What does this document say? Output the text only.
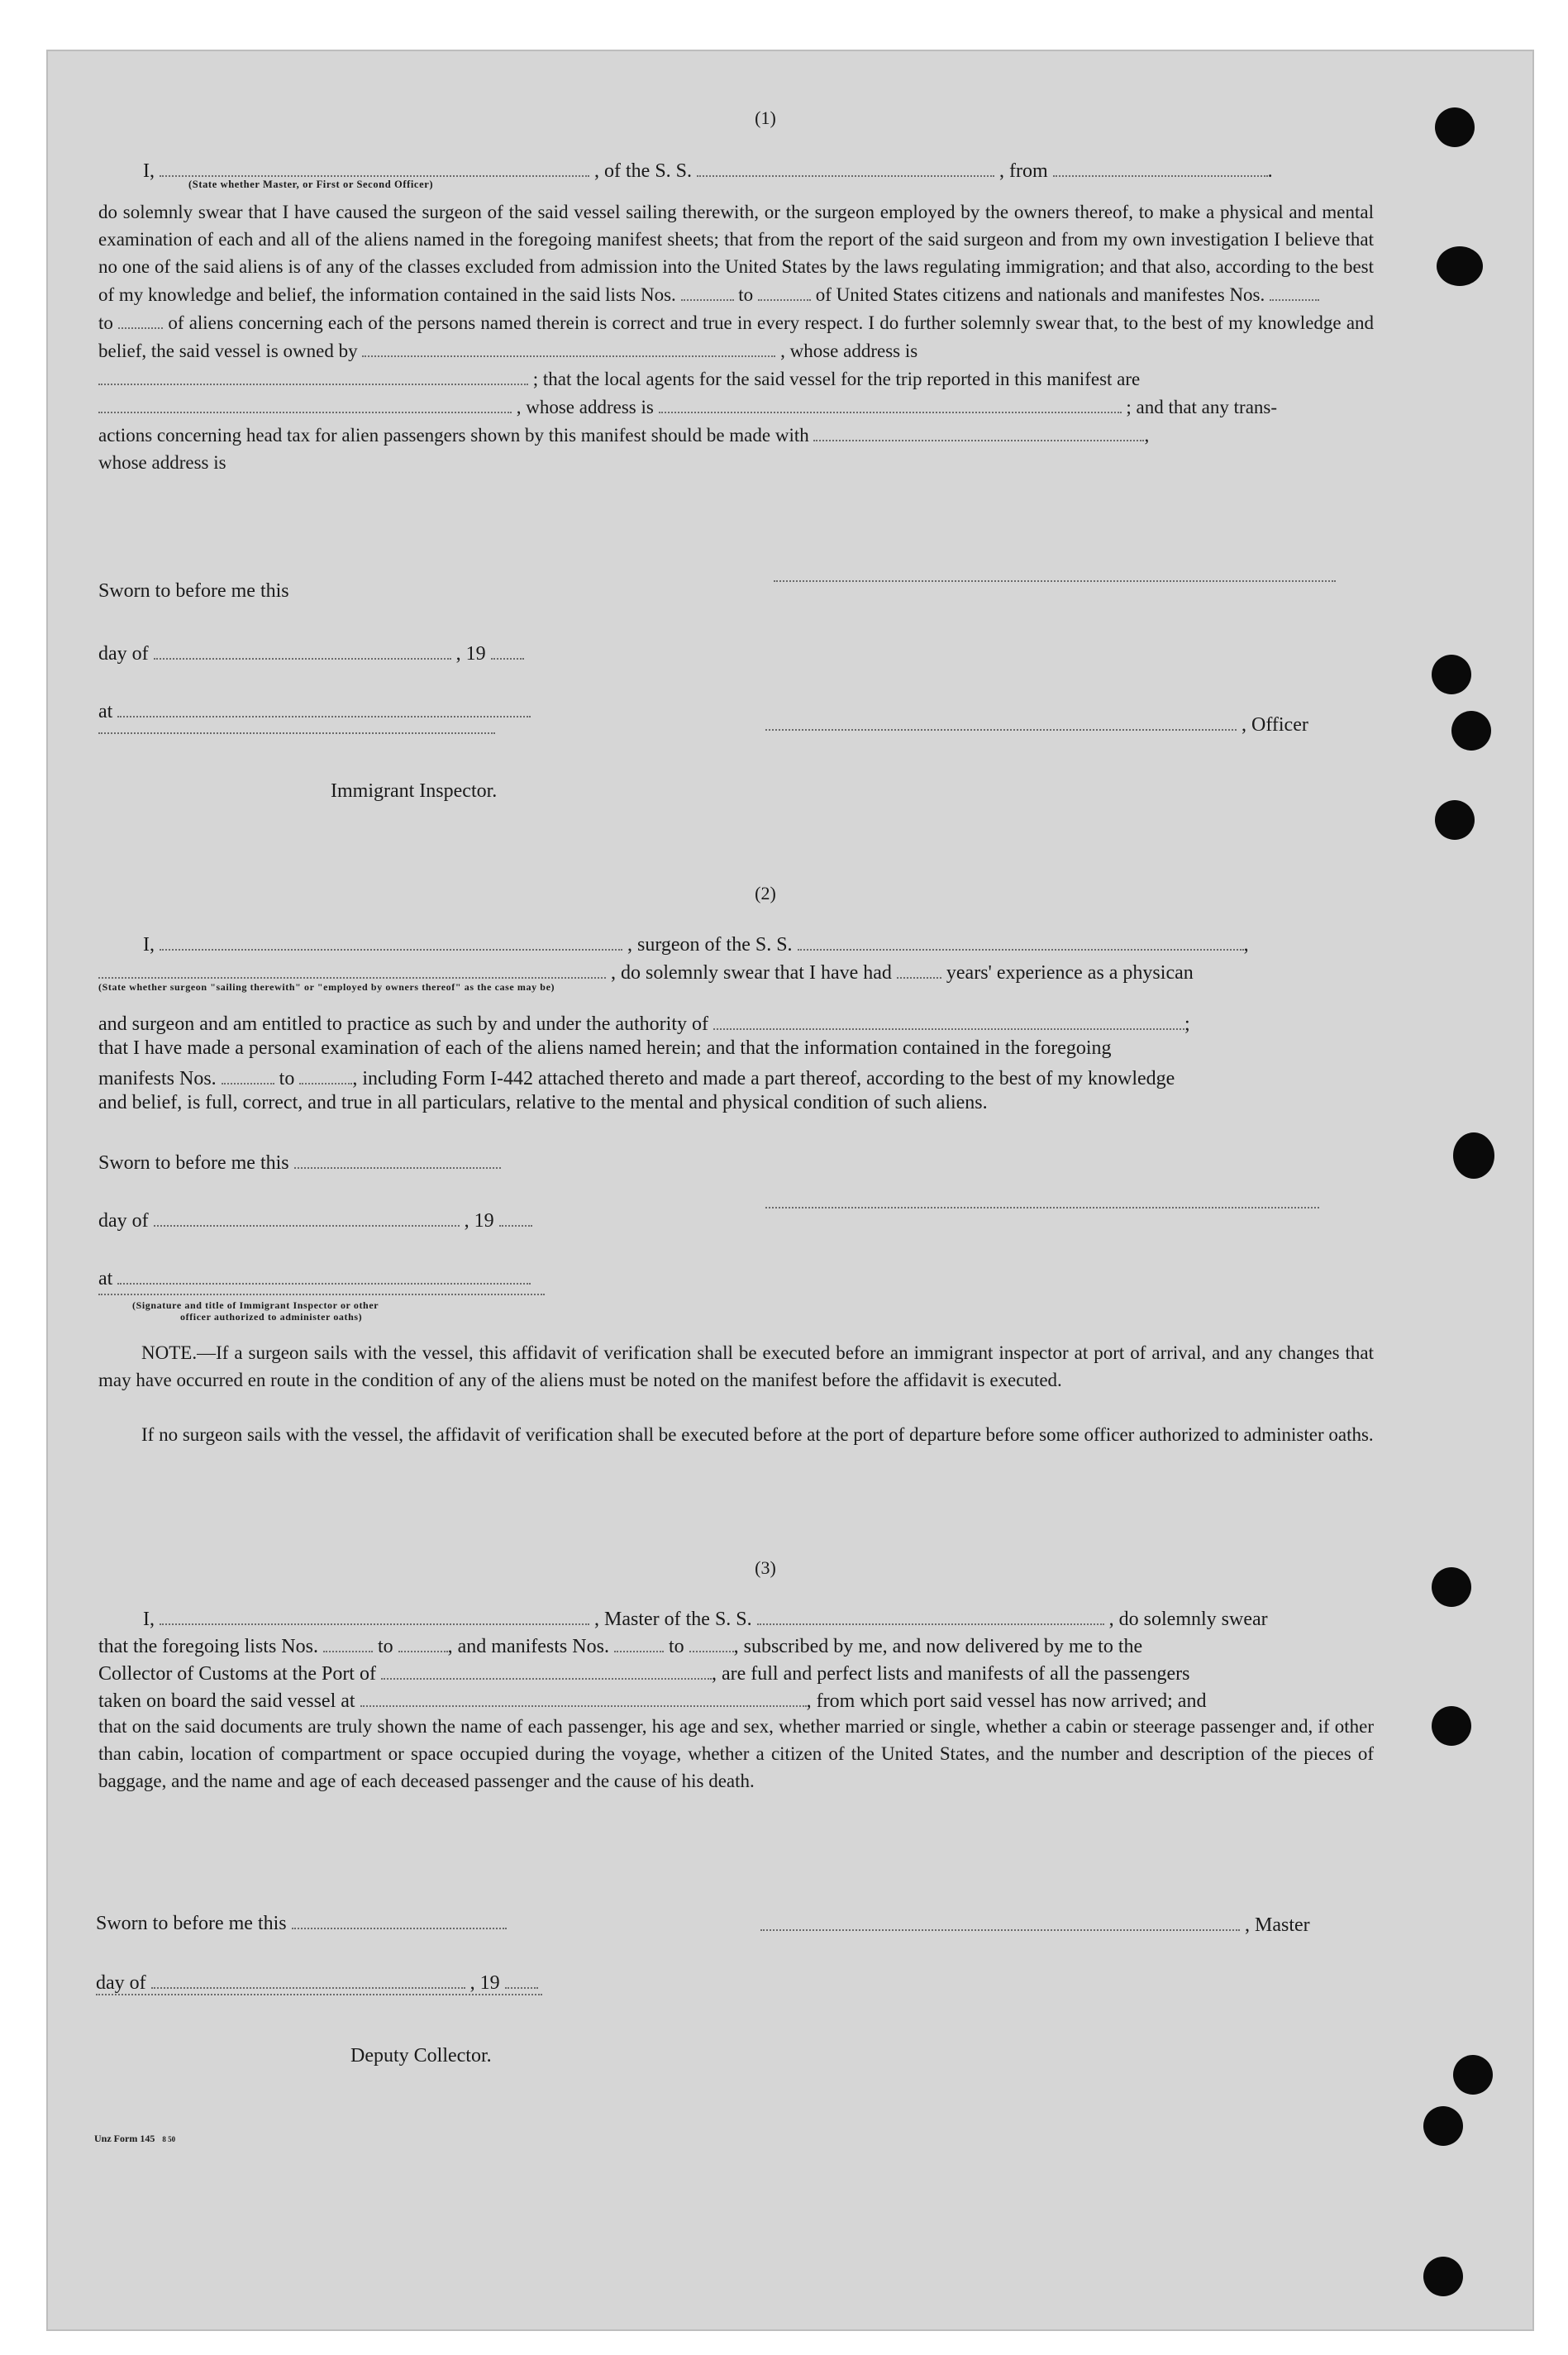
(1)
I,	, of the S. S.	, from	.
(State whether Master, or First or Second Officer)
do solemnly swear that I have caused the surgeon of the said vessel sailing therewith, or the surgeon employed by the owners thereof, to make a physical and mental examination of each and all of the aliens named in the foregoing manifest sheets; that from the report of the said surgeon and from my own investigation I believe that no one of the said aliens is of any of the classes excluded from admission into the United States by the laws regulating immigration; and that also, according to the best of my knowledge and belief, the information contained in the said lists Nos.	to	of United States citizens and nationals and manifestes Nos.
to	of aliens concerning each of the persons named therein is correct and true in every respect. I do further solemnly swear that, to the best of my knowledge and belief, the said vessel is owned by	, whose address is
; that the local agents for the said vessel for the trip reported in this manifest are
, whose address is	; and that any trans-
actions concerning head tax for alien passengers shown by this manifest should be made with	,
whose address is
Sworn to before me this
day of	, 19
at
, Officer
Immigrant Inspector.
(2)
I,	, surgeon of the S. S.	,
, do solemnly swear that I have had	years' experience as a physican
(State whether surgeon "sailing therewith" or "employed by owners thereof" as the case may be)
and surgeon and am entitled to practice as such by and under the authority of	;
that I have made a personal examination of each of the aliens named herein; and that the information contained in the foregoing
manifests Nos.	to	, including Form I-442 attached thereto and made a part thereof, according to the best of my knowledge
and belief, is full, correct, and true in all particulars, relative to the mental and physical condition of such aliens.
Sworn to before me this
day of	, 19
at
(Signature and title of Immigrant Inspector or other
officer authorized to administer oaths)
NOTE.—If a surgeon sails with the vessel, this affidavit of verification shall be executed before an immigrant inspector at port of arrival, and any changes that may have occurred en route in the condition of any of the aliens must be noted on the manifest before the affidavit is executed.
If no surgeon sails with the vessel, the affidavit of verification shall be executed before at the port of departure before some officer authorized to administer oaths.
(3)
I,	, Master of the S. S.	, do solemnly swear
that the foregoing lists Nos.	to	, and manifests Nos.	to	, subscribed by me, and now delivered by me to the
Collector of Customs at the Port of	, are full and perfect lists and manifests of all the passengers
taken on board the said vessel at	, from which port said vessel has now arrived; and
that on the said documents are truly shown the name of each passenger, his age and sex, whether married or single, whether a cabin or steerage passenger and, if other than cabin, location of compartment or space occupied during the voyage, whether a citizen of the United States, and the number and description of the pieces of baggage, and the name and age of each deceased passenger and the cause of his death.
Sworn to before me this	, Master
day of	, 19
Deputy Collector.
Unz Form 145 8 50
